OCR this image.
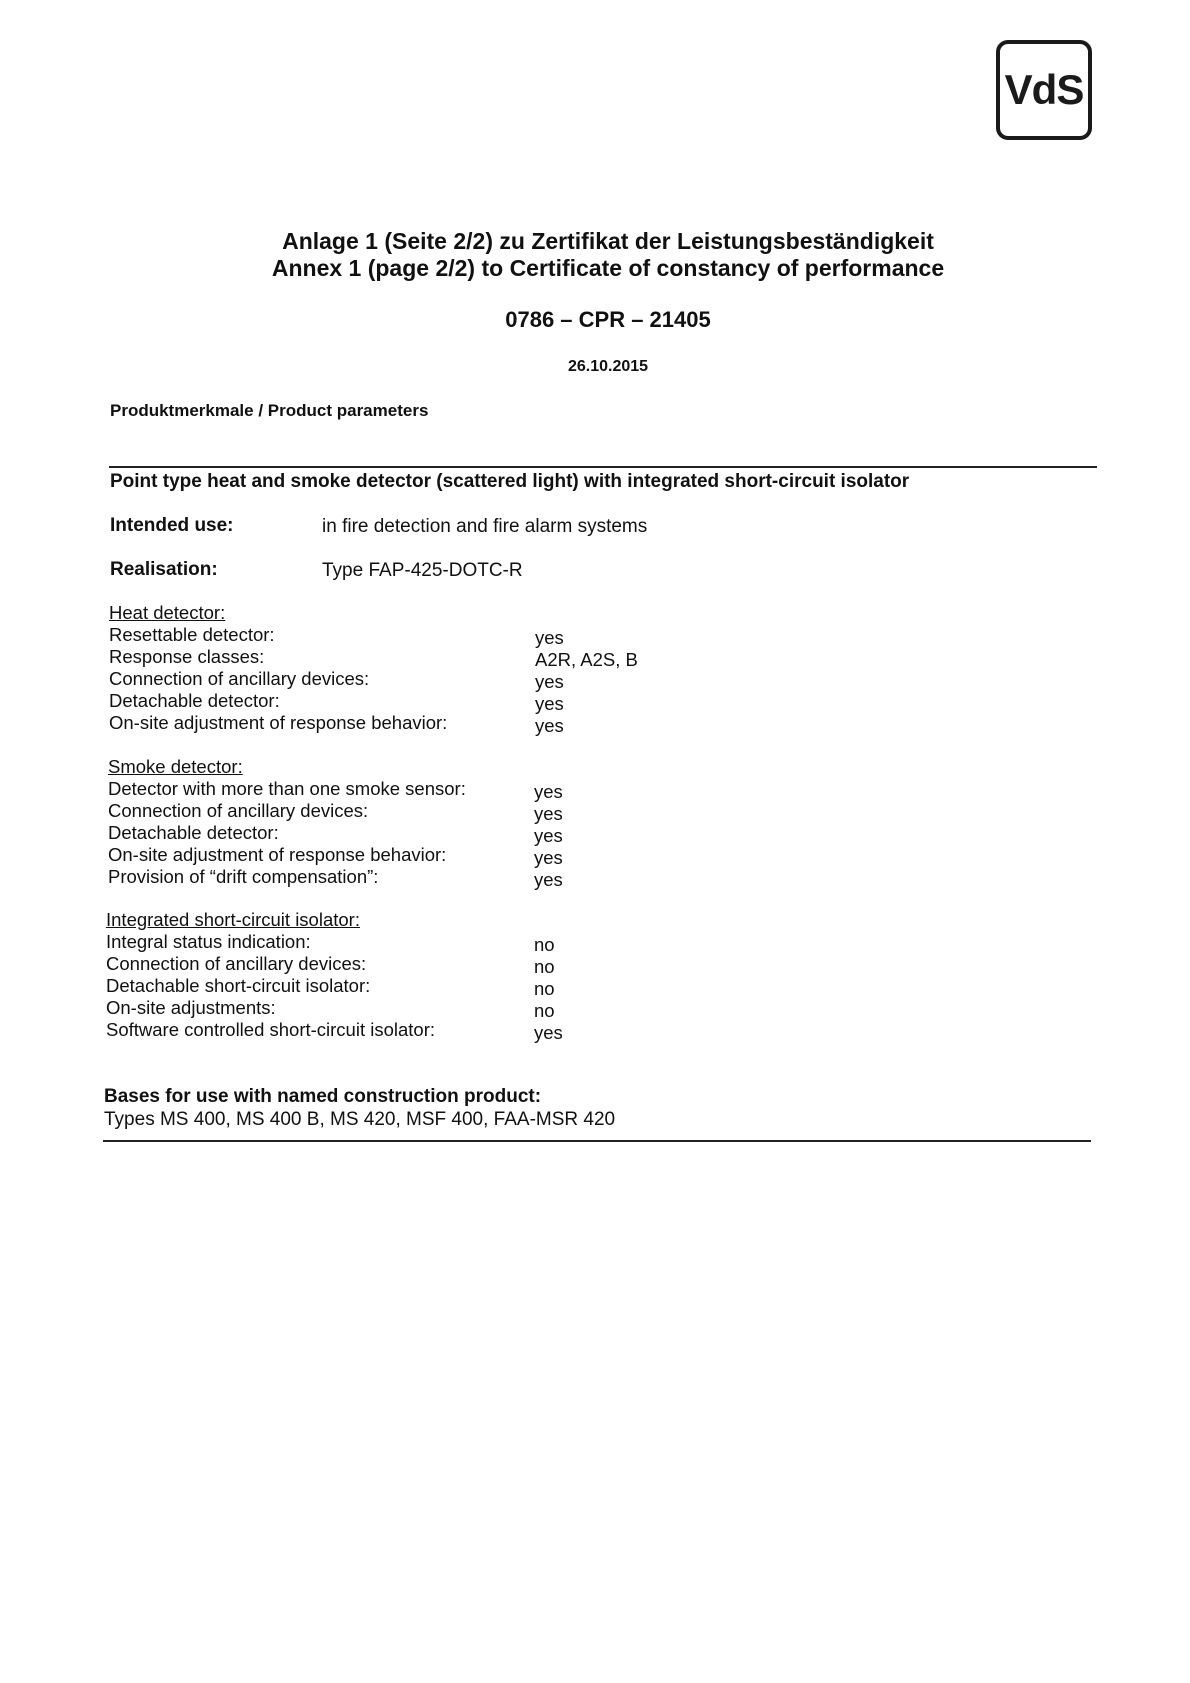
VdS
Anlage 1 (Seite 2/2) zu Zertifikat der Leistungsbeständigkeit
Annex 1 (page 2/2) to Certificate of constancy of performance
0786 – CPR – 21405
26.10.2015
Produktmerkmale / Product parameters
Point type heat and smoke detector (scattered light) with integrated short-circuit isolator
Intended use:	in fire detection and fire alarm systems
Realisation:	Type FAP-425-DOTC-R
Heat detector:
Resettable detector:	yes
Response classes:	A2R, A2S, B
Connection of ancillary devices:	yes
Detachable detector:	yes
On-site adjustment of response behavior:	yes
Smoke detector:
Detector with more than one smoke sensor:	yes
Connection of ancillary devices:	yes
Detachable detector:	yes
On-site adjustment of response behavior:	yes
Provision of “drift compensation”:	yes
Integrated short-circuit isolator:
Integral status indication:	no
Connection of ancillary devices:	no
Detachable short-circuit isolator:	no
On-site adjustments:	no
Software controlled short-circuit isolator:	yes
Bases for use with named construction product:
Types MS 400, MS 400 B, MS 420, MSF 400, FAA-MSR 420
